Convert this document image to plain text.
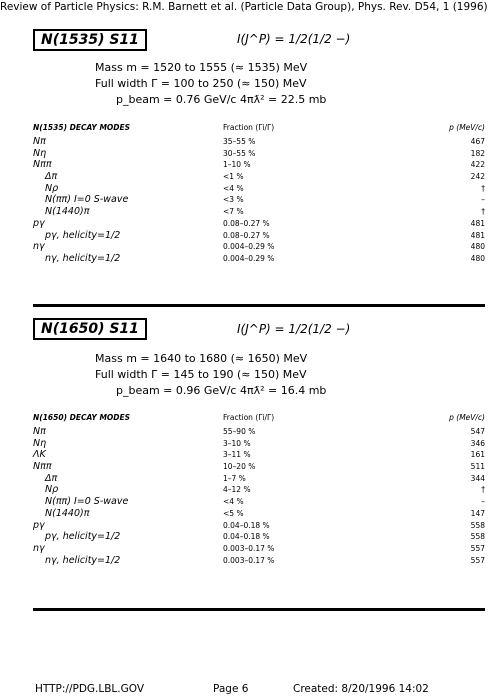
Review of Particle Physics: R.M. Barnett et al. (Particle Data Group), Phys. Rev. D54, 1 (1996)
N(1535) S11	I(J^P) = 1/2(1/2 −)
Mass m = 1520 to 1555 (≈ 1535) MeV
Full width Γ = 100 to 250 (≈ 150) MeV
p_beam = 0.76 GeV/c 4πƛ² = 22.5 mb
N(1535) DECAY MODES	Fraction (Γi/Γ)	p (MeV/c)
Nπ	35–55 %	467
Nη	30–55 %	182
Nππ	1–10 %	422
Δπ	<1 %	242
Nρ	<4 %	†
N(ππ) I=0 S-wave	<3 %	–
N(1440)π	<7 %	†
pγ	0.08–0.27 %	481
pγ, helicity=1/2	0.08–0.27 %	481
nγ	0.004–0.29 %	480
nγ, helicity=1/2	0.004–0.29 %	480
N(1650) S11	I(J^P) = 1/2(1/2 −)
Mass m = 1640 to 1680 (≈ 1650) MeV
Full width Γ = 145 to 190 (≈ 150) MeV
p_beam = 0.96 GeV/c 4πƛ² = 16.4 mb
N(1650) DECAY MODES	Fraction (Γi/Γ)	p (MeV/c)
Nπ	55–90 %	547
Nη	3–10 %	346
ΛK	3–11 %	161
Nππ	10–20 %	511
Δπ	1–7 %	344
Nρ	4–12 %	†
N(ππ) I=0 S-wave	<4 %	–
N(1440)π	<5 %	147
pγ	0.04–0.18 %	558
pγ, helicity=1/2	0.04–0.18 %	558
nγ	0.003–0.17 %	557
nγ, helicity=1/2	0.003–0.17 %	557
HTTP://PDG.LBL.GOV	Page 6	Created: 8/20/1996 14:02
